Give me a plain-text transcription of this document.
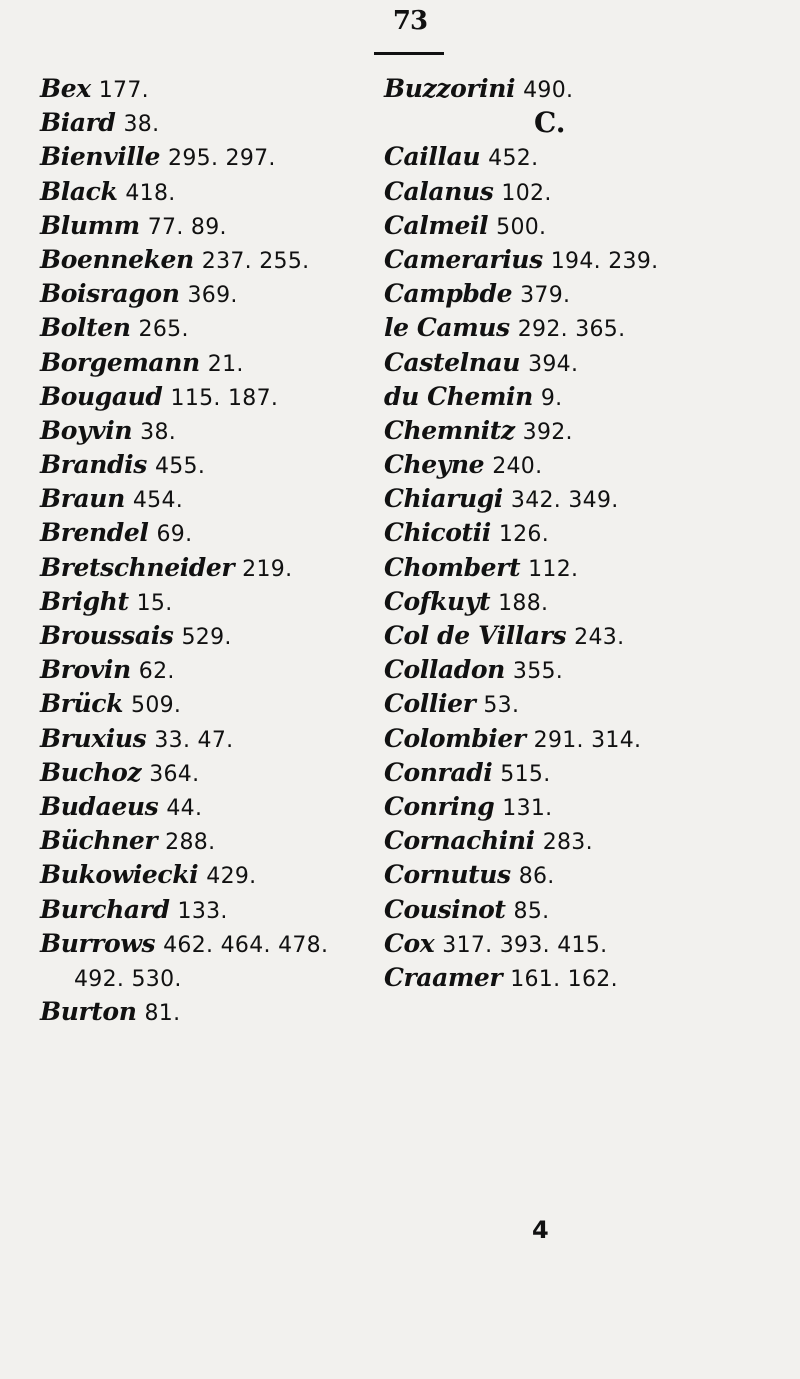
73
Bex 177.
Biard 38.
Bienville 295. 297.
Black 418.
Blumm 77. 89.
Boenneken 237. 255.
Boisragon 369.
Bolten 265.
Borgemann 21.
Bougaud 115. 187.
Boyvin 38.
Brandis 455.
Braun 454.
Brendel 69.
Bretschneider 219.
Bright 15.
Broussais 529.
Brovin 62.
Brück 509.
Bruxius 33. 47.
Buchoz 364.
Budaeus 44.
Büchner 288.
Bukowiecki 429.
Burchard 133.
Burrows 462. 464. 478.
492. 530.
Burton 81.
Buzzorini 490.
C.
Caillau 452.
Calanus 102.
Calmeil 500.
Camerarius 194. 239.
Campbde 379.
le Camus 292. 365.
Castelnau 394.
du Chemin 9.
Chemnitz 392.
Cheyne 240.
Chiarugi 342. 349.
Chicotii 126.
Chombert 112.
Cofkuyt 188.
Col de Villars 243.
Colladon 355.
Collier 53.
Colombier 291. 314.
Conradi 515.
Conring 131.
Cornachini 283.
Cornutus 86.
Cousinot 85.
Cox 317. 393. 415.
Craamer 161. 162.
4
